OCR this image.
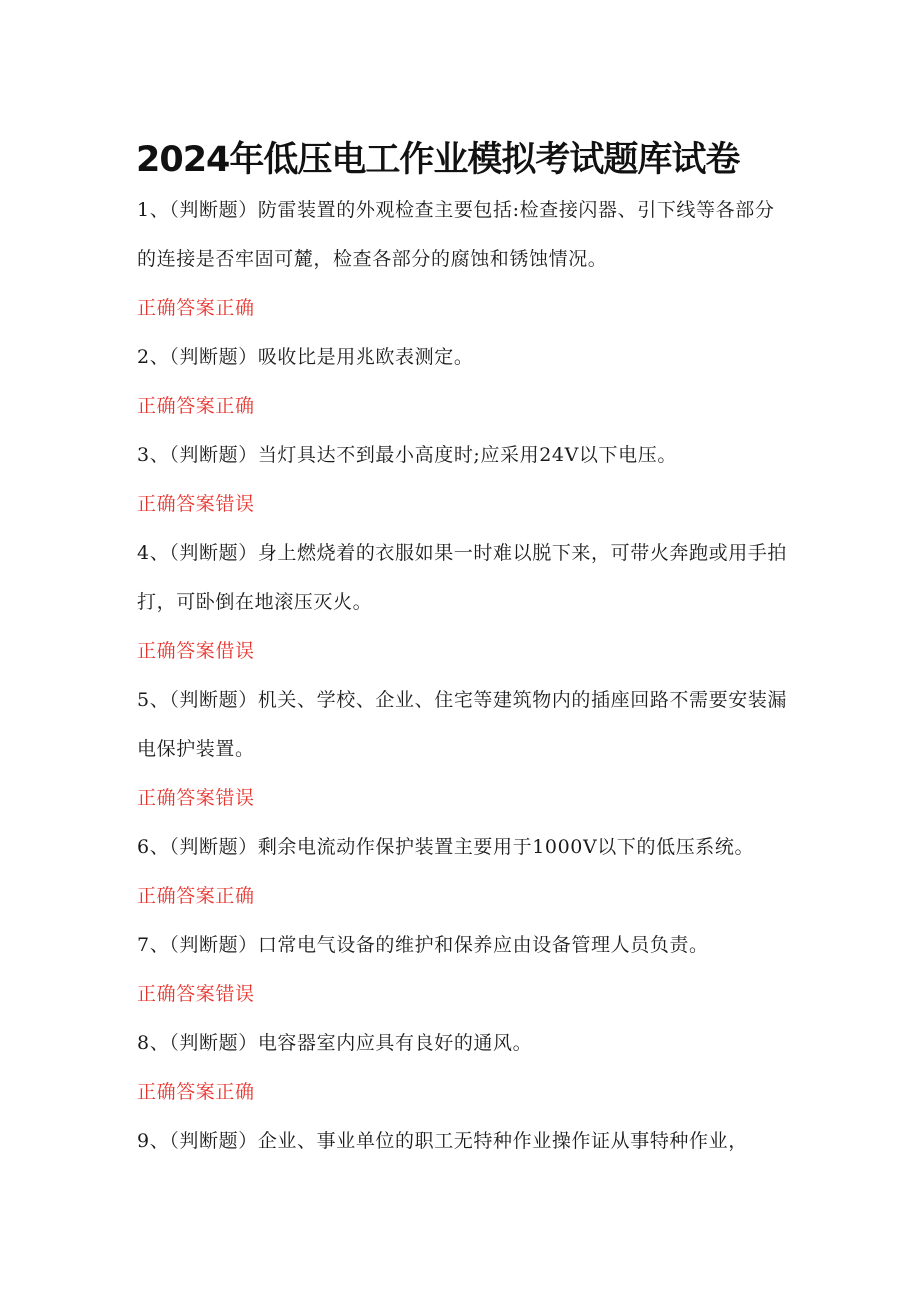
2024年低压电工作业模拟考试题库试卷
1、（判断题）防雷装置的外观检查主要包括:检查接闪器、引下线等各部分的连接是否牢固可麓，检查各部分的腐蚀和锈蚀情况。
正确答案正确
2、（判断题）吸收比是用兆欧表测定。
正确答案正确
3、（判断题）当灯具达不到最小高度时;应采用24V以下电压。
正确答案错误
4、（判断题）身上燃烧着的衣服如果一时难以脱下来，可带火奔跑或用手拍打，可卧倒在地滚压灭火。
正确答案借误
5、（判断题）机关、学校、企业、住宅等建筑物内的插座回路不需要安装漏电保护装置。
正确答案错误
6、（判断题）剩余电流动作保护装置主要用于1000V以下的低压系统。
正确答案正确
7、（判断题）口常电气设备的维护和保养应由设备管理人员负责。
正确答案错误
8、（判断题）电容器室内应具有良好的通风。
正确答案正确
9、（判断题）企业、事业单位的职工无特种作业操作证从事特种作业，
